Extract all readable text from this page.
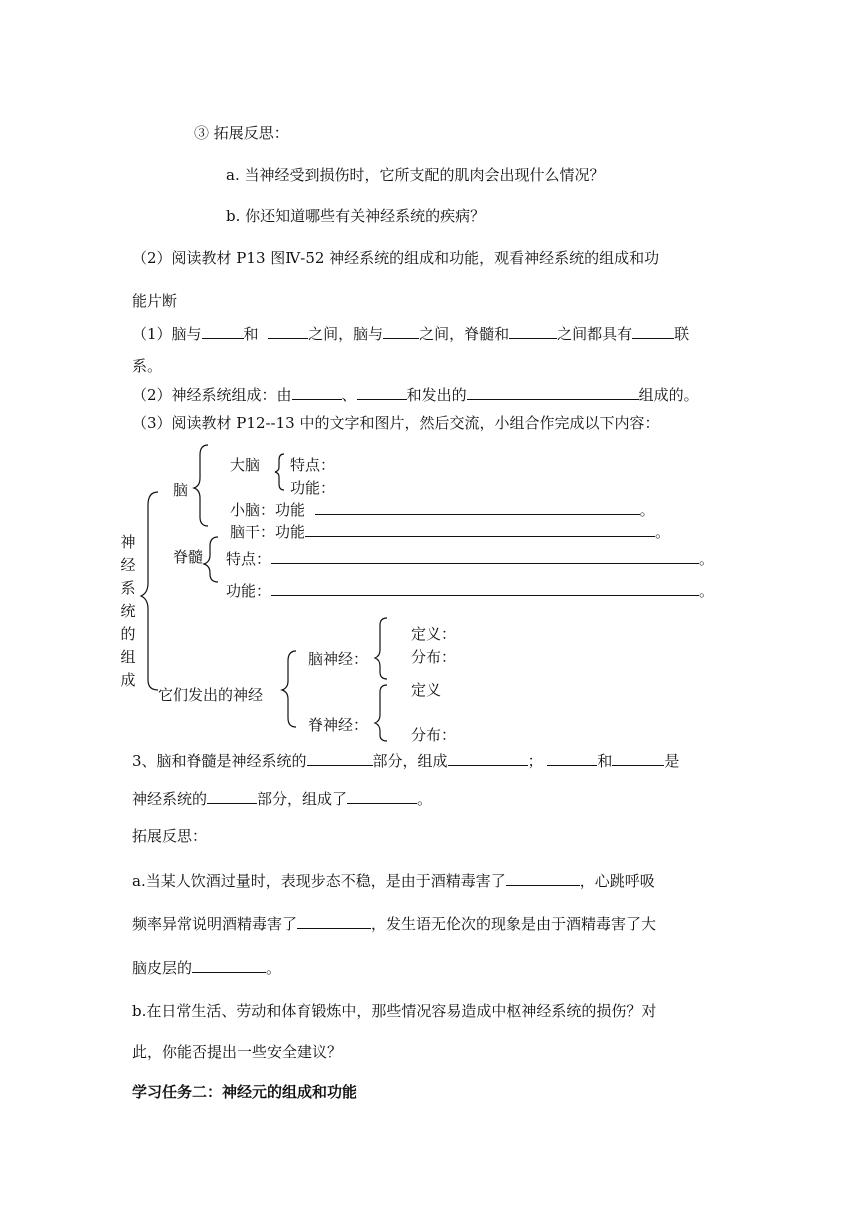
③ 拓展反思：
a. 当神经受到损伤时，它所支配的肌肉会出现什么情况？
b. 你还知道哪些有关神经系统的疾病？
（2）阅读教材 P13 图Ⅳ-52 神经系统的组成和功能，观看神经系统的组成和功
能片断
（1）脑与	和	之间，脑与 之间，脊髓和	之间都具有	联
系。
（2）神经系统组成：由	、	和发出的	组成的。
（3）阅读教材 P12--13 中的文字和图片，然后交流，小组合作完成以下内容：
神
经
系
统
的
组
成
脑
大脑 特点：
功能：
小脑：功能	。
脑干：功能	。
脊髓 特点：	。
功能：	。
它们发出的神经
脑神经：
定义：
分布：
脊神经：
定义
分布：
3、脑和脊髓是神经系统的	部分，组成	；	和	是
神经系统的	部分，组成了	。
拓展反思：
a.当某人饮酒过量时，表现步态不稳，是由于酒精毒害了	，心跳呼吸
频率异常说明酒精毒害了	，发生语无伦次的现象是由于酒精毒害了大
脑皮层的	。
b.在日常生活、劳动和体育锻炼中，那些情况容易造成中枢神经系统的损伤？对
此，你能否提出一些安全建议？
学习任务二：神经元的组成和功能
